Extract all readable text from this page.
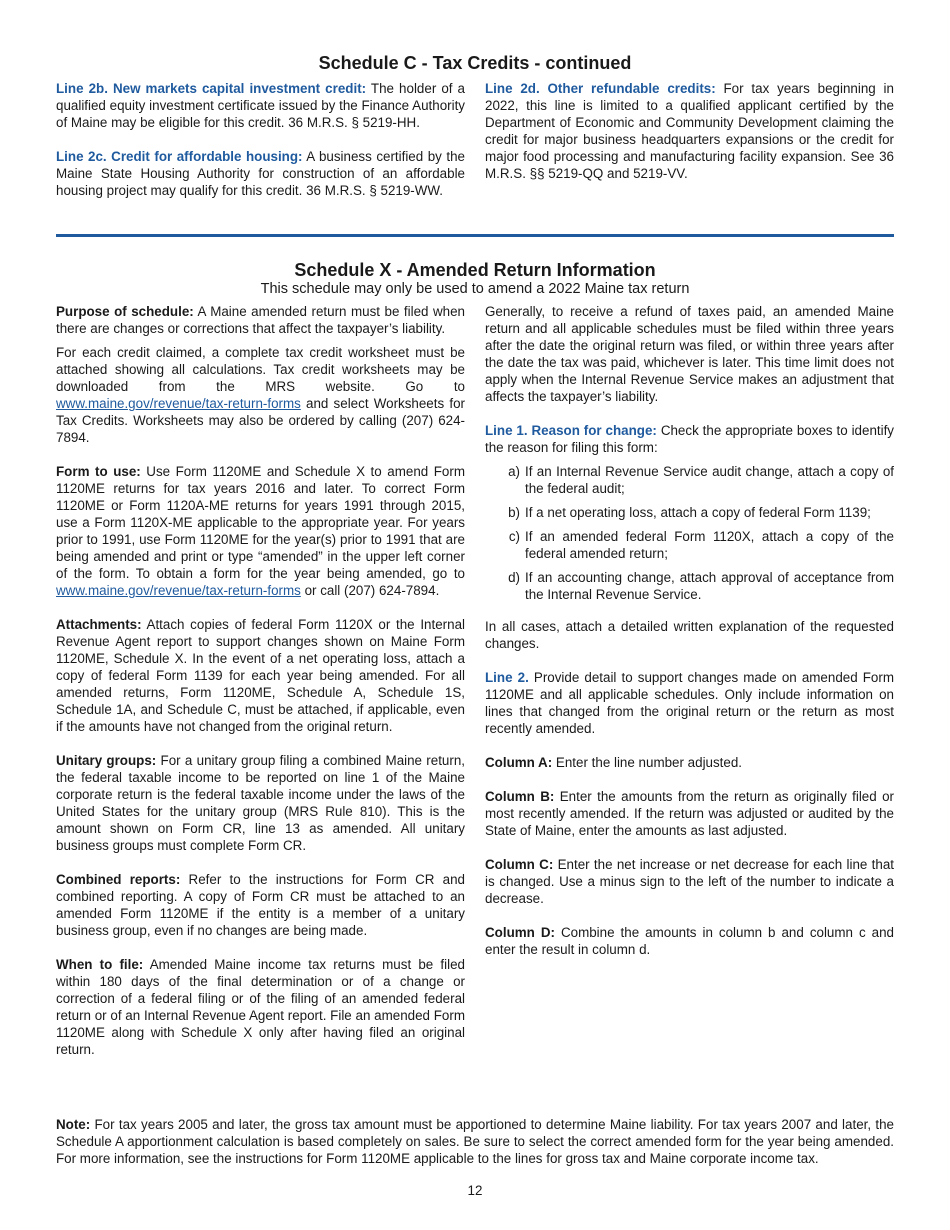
Schedule C - Tax Credits - continued

Line 2b. New markets capital investment credit: The holder of a qualified equity investment certificate issued by the Finance Authority of Maine may be eligible for this credit. 36 M.R.S. § 5219-HH.

Line 2c. Credit for affordable housing: A business certified by the Maine State Housing Authority for construction of an affordable housing project may qualify for this credit. 36 M.R.S. § 5219-WW.

Line 2d. Other refundable credits: For tax years beginning in 2022, this line is limited to a qualified applicant certified by the Department of Economic and Community Development claiming the credit for major business headquarters expansions or the credit for major food processing and manufacturing facility expansion. See 36 M.R.S. §§ 5219-QQ and 5219-VV.

Schedule X - Amended Return Information
This schedule may only be used to amend a 2022 Maine tax return

Purpose of schedule: A Maine amended return must be filed when there are changes or corrections that affect the taxpayer’s liability.

For each credit claimed, a complete tax credit worksheet must be attached showing all calculations. Tax credit worksheets may be downloaded from the MRS website. Go to www.maine.gov/revenue/tax-return-forms and select Worksheets for Tax Credits. Worksheets may also be ordered by calling (207) 624-7894.

Form to use: Use Form 1120ME and Schedule X to amend Form 1120ME returns for tax years 2016 and later. To correct Form 1120ME or Form 1120A-ME returns for years 1991 through 2015, use a Form 1120X-ME applicable to the appropriate year. For years prior to 1991, use Form 1120ME for the year(s) prior to 1991 that are being amended and print or type “amended” in the upper left corner of the form. To obtain a form for the year being amended, go to www.maine.gov/revenue/tax-return-forms or call (207) 624-7894.

Attachments: Attach copies of federal Form 1120X or the Internal Revenue Agent report to support changes shown on Maine Form 1120ME, Schedule X. In the event of a net operating loss, attach a copy of federal Form 1139 for each year being amended. For all amended returns, Form 1120ME, Schedule A, Schedule 1S, Schedule 1A, and Schedule C, must be attached, if applicable, even if the amounts have not changed from the original return.

Unitary groups: For a unitary group filing a combined Maine return, the federal taxable income to be reported on line 1 of the Maine corporate return is the federal taxable income under the laws of the United States for the unitary group (MRS Rule 810). This is the amount shown on Form CR, line 13 as amended. All unitary business groups must complete Form CR.

Combined reports: Refer to the instructions for Form CR and combined reporting. A copy of Form CR must be attached to an amended Form 1120ME if the entity is a member of a unitary business group, even if no changes are being made.

When to file: Amended Maine income tax returns must be filed within 180 days of the final determination or of a change or correction of a federal filing or of the filing of an amended federal return or of an Internal Revenue Agent report. File an amended Form 1120ME along with Schedule X only after having filed an original return.

Generally, to receive a refund of taxes paid, an amended Maine return and all applicable schedules must be filed within three years after the date the original return was filed, or within three years after the date the tax was paid, whichever is later. This time limit does not apply when the Internal Revenue Service makes an adjustment that affects the taxpayer’s liability.

Line 1. Reason for change: Check the appropriate boxes to identify the reason for filing this form:

a) If an Internal Revenue Service audit change, attach a copy of the federal audit;
b) If a net operating loss, attach a copy of federal Form 1139;
c) If an amended federal Form 1120X, attach a copy of the federal amended return;
d) If an accounting change, attach approval of acceptance from the Internal Revenue Service.

In all cases, attach a detailed written explanation of the requested changes.

Line 2. Provide detail to support changes made on amended Form 1120ME and all applicable schedules. Only include information on lines that changed from the original return or the return as most recently amended.

Column A: Enter the line number adjusted.

Column B: Enter the amounts from the return as originally filed or most recently amended. If the return was adjusted or audited by the State of Maine, enter the amounts as last adjusted.

Column C: Enter the net increase or net decrease for each line that is changed. Use a minus sign to the left of the number to indicate a decrease.

Column D: Combine the amounts in column b and column c and enter the result in column d.

Note: For tax years 2005 and later, the gross tax amount must be apportioned to determine Maine liability. For tax years 2007 and later, the Schedule A apportionment calculation is based completely on sales. Be sure to select the correct amended form for the year being amended. For more information, see the instructions for Form 1120ME applicable to the lines for gross tax and Maine corporate income tax.

12
